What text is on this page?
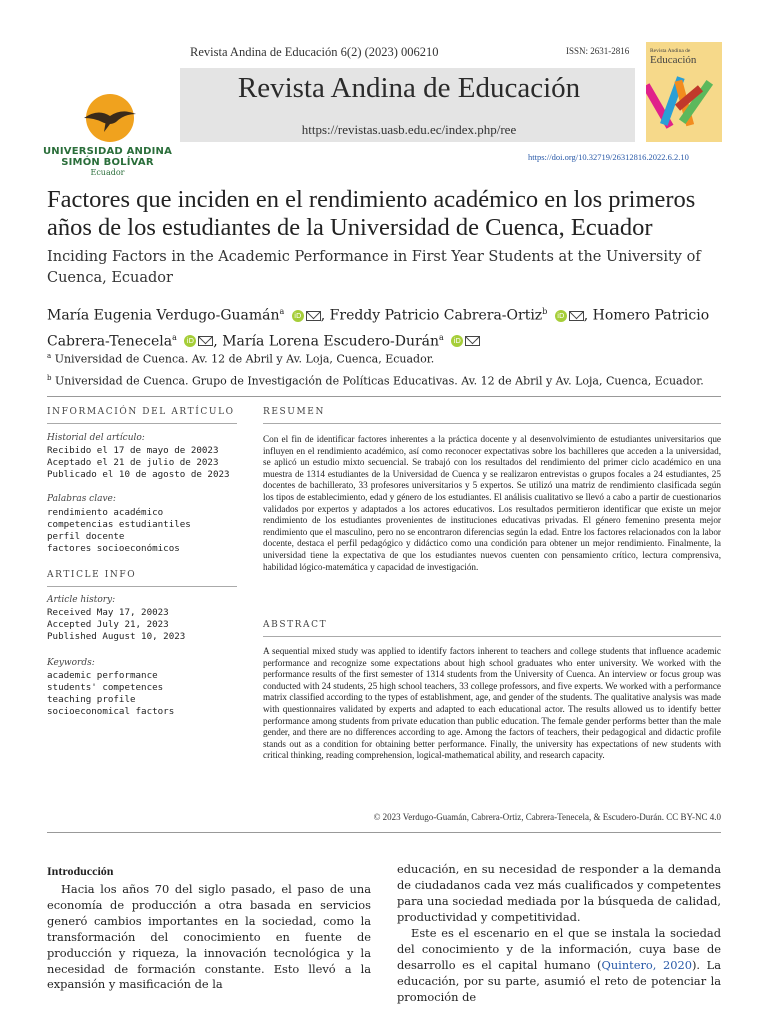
Revista Andina de Educación 6(2) (2023) 006210	ISSN: 2631-2816
UNIVERSIDAD ANDINA
SIMÓN BOLÍVAR
Ecuador
Revista Andina de Educación
https://revistas.uasb.edu.ec/index.php/ree
Revista Andina de
Educación
https://doi.org/10.32719/26312816.2022.6.2.10
Factores que inciden en el rendimiento académico en los primeros años de los estudiantes de la Universidad de Cuenca, Ecuador
Inciding Factors in the Academic Performance in First Year Students at the University of Cuenca, Ecuador
María Eugenia Verdugo-Guamán$^a$ iD , Freddy Patricio Cabrera-Ortiz$^b$ iD , Homero Patricio Cabrera-Tenecela$^a$ iD , María Lorena Escudero-Durán$^a$ iD
$^a$ Universidad de Cuenca. Av. 12 de Abril y Av. Loja, Cuenca, Ecuador.
$^b$ Universidad de Cuenca. Grupo de Investigación de Políticas Educativas. Av. 12 de Abril y Av. Loja, Cuenca, Ecuador.
INFORMACIÓN DEL ARTÍCULO
Historial del artículo:
Recibido el 17 de mayo de 20023
Aceptado el 21 de julio de 2023
Publicado el 10 de agosto de 2023
Palabras clave:
rendimiento académico
competencias estudiantiles
perfil docente
factores socioeconómicos
ARTICLE INFO
Article history:
Received May 17, 20023
Accepted July 21, 2023
Published August 10, 2023
Keywords:
academic performance
students' competences
teaching profile
socioeconomical factors
RESUMEN
Con el fin de identificar factores inherentes a la práctica docente y al desenvolvimiento de estudiantes universitarios que influyen en el rendimiento académico, así como reconocer expectativas sobre los bachilleres que acceden a la universidad, se aplicó un estudio mixto secuencial. Se trabajó con los resultados del rendimiento del primer ciclo académico en una muestra de 1314 estudiantes de la Universidad de Cuenca y se realizaron entrevistas o grupos focales a 24 estudiantes, 25 docentes de bachillerato, 33 profesores universitarios y 5 expertos. Se utilizó una matriz de rendimiento clasificada según los tipos de establecimiento, edad y género de los estudiantes. El análisis cualitativo se llevó a cabo a partir de cuestionarios validados por expertos y adaptados a los actores educativos. Los resultados permitieron identificar que existe un mejor rendimiento de los estudiantes provenientes de instituciones educativas privadas. El género femenino presenta mejor rendimiento que el masculino, pero no se encontraron diferencias según la edad. Entre los factores relacionados con la labor docente, destaca el perfil pedagógico y didáctico como una condición para obtener un mejor rendimiento. Finalmente, la universidad tiene la expectativa de que los estudiantes nuevos cuenten con pensamiento crítico, lectura comprensiva, habilidad lógico-matemática y capacidad de investigación.
ABSTRACT
A sequential mixed study was applied to identify factors inherent to teachers and college students that influence academic performance and recognize some expectations about high school graduates who enter university. We worked with the performance results of the first semester of 1314 students from the University of Cuenca. An interview or focus group was conducted with 24 students, 25 high school teachers, 33 college professors, and five experts. We worked with a performance matrix classified according to the types of establishment, age, and gender of the students. The qualitative analysis was made with questionnaires validated by experts and adapted to each educational actor. The results allowed us to identify better performance among students from private education than public education. The female gender performs better than the male gender, and there are no differences according to age. Among the factors of teachers, their pedagogical and didactic profile stands out as a condition for obtaining better performance. Finally, the university has expectations of new students with critical thinking, reading comprehension, logical-mathematical ability, and research capacity.
© 2023 Verdugo-Guamán, Cabrera-Ortiz, Cabrera-Tenecela, & Escudero-Durán. CC BY-NC 4.0
Introducción
Hacia los años 70 del siglo pasado, el paso de una economía de producción a otra basada en servicios generó cambios importantes en la sociedad, como la transformación del conocimiento en fuente de producción y riqueza, la innovación tecnológica y la necesidad de formación constante. Esto llevó a la expansión y masificación de la
educación, en su necesidad de responder a la demanda de ciudadanos cada vez más cualificados y competentes para una sociedad mediada por la búsqueda de calidad, productividad y competitividad.
Este es el escenario en el que se instala la sociedad del conocimiento y de la información, cuya base de desarrollo es el capital humano (Quintero, 2020). La educación, por su parte, asumió el reto de potenciar la promoción de
